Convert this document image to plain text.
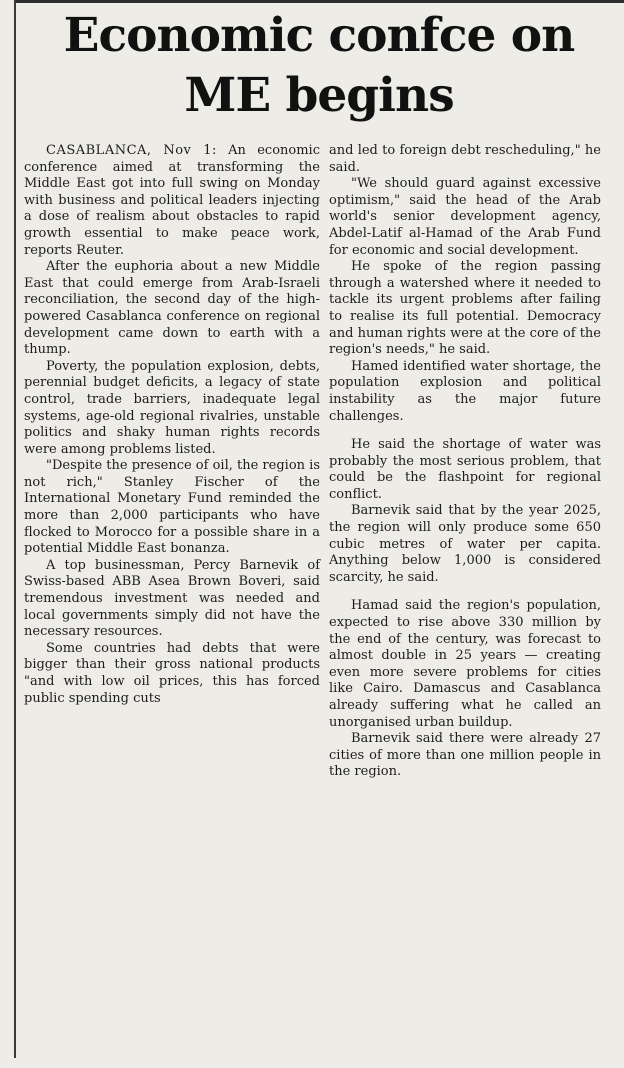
Economic confce on
ME begins

CASABLANCA, Nov 1: An economic conference aimed at transforming the Middle East got into full swing on Monday with business and political leaders injecting a dose of realism about obstacles to rapid growth essential to make peace work, reports Reuter.

After the euphoria about a new Middle East that could emerge from Arab-Israeli reconciliation, the second day of the high-powered Casablanca conference on regional development came down to earth with a thump.

Poverty, the population explosion, debts, perennial budget deficits, a legacy of state control, trade barriers, inadequate legal systems, age-old regional rivalries, unstable politics and shaky human rights records were among problems listed.

"Despite the presence of oil, the region is not rich," Stanley Fischer of the International Monetary Fund reminded the more than 2,000 participants who have flocked to Morocco for a possible share in a potential Middle East bonanza.

A top businessman, Percy Barnevik of Swiss-based ABB Asea Brown Boveri, said tremendous investment was needed and local governments simply did not have the necessary resources.

Some countries had debts that were bigger than their gross national products "and with low oil prices, this has forced public spending cuts

and led to foreign debt rescheduling," he said.

"We should guard against excessive optimism," said the head of the Arab world's senior development agency, Abdel-Latif al-Hamad of the Arab Fund for economic and social development.

He spoke of the region passing through a watershed where it needed to tackle its urgent problems after failing to realise its full potential. Democracy and human rights were at the core of the region's needs," he said.

Hamed identified water shortage, the population explosion and political instability as the major future challenges.

He said the shortage of water was probably the most serious problem, that could be the flashpoint for regional conflict.

Barnevik said that by the year 2025, the region will only produce some 650 cubic metres of water per capita. Anything below 1,000 is considered scarcity, he said.

Hamad said the region's population, expected to rise above 330 million by the end of the century, was forecast to almost double in 25 years — creating even more severe problems for cities like Cairo. Damascus and Casablanca already suffering what he called an unorganised urban buildup.

Barnevik said there were already 27 cities of more than one million people in the region.
